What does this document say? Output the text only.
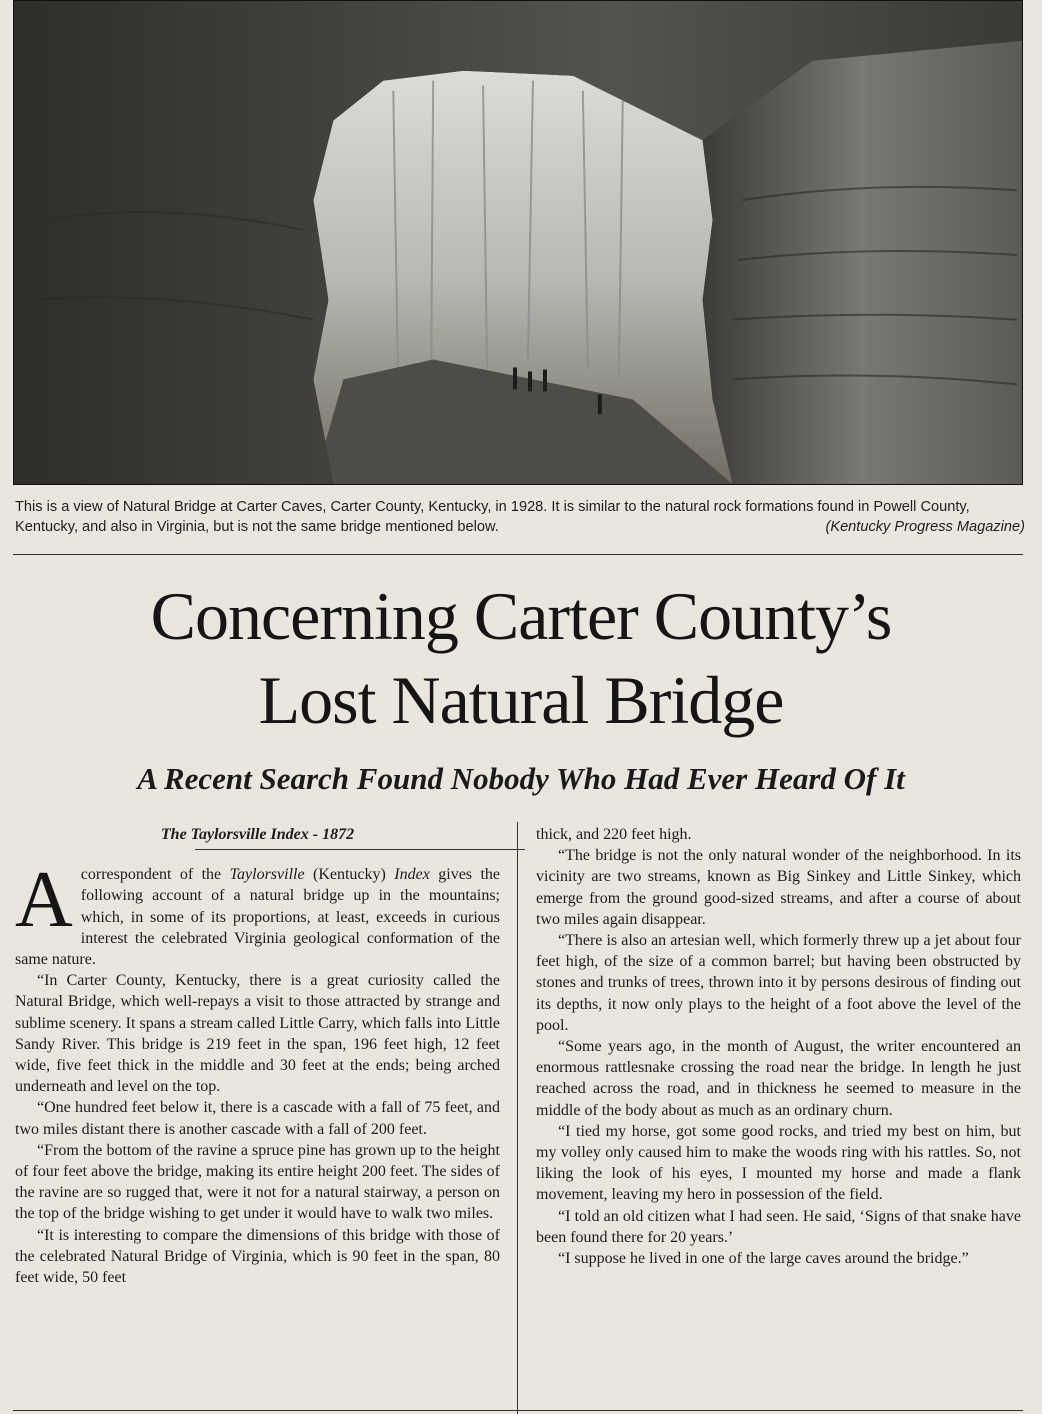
This is a view of Natural Bridge at Carter Caves, Carter County, Kentucky, in 1928. It is similar to the natural rock formations found in Powell County, Kentucky, and also in Virginia, but is not the same bridge mentioned below.	(Kentucky Progress Magazine)
Concerning Carter County’s
Lost Natural Bridge
A Recent Search Found Nobody Who Had Ever Heard Of It
The Taylorsville Index - 1872

Acorrespondent of the Taylorsville (Kentucky) Index gives the following account of a natural bridge up in the mountains; which, in some of its proportions, at least, exceeds in curious interest the celebrated Virginia geological conformation of the same nature.

“In Carter County, Kentucky, there is a great curiosity called the Natural Bridge, which well-repays a visit to those attracted by strange and sublime scenery. It spans a stream called Little Carry, which falls into Little Sandy River. This bridge is 219 feet in the span, 196 feet high, 12 feet wide, five feet thick in the middle and 30 feet at the ends; being arched underneath and level on the top.

“One hundred feet below it, there is a cascade with a fall of 75 feet, and two miles distant there is another cascade with a fall of 200 feet.

“From the bottom of the ravine a spruce pine has grown up to the height of four feet above the bridge, making its entire height 200 feet. The sides of the ravine are so rugged that, were it not for a natural stairway, a person on the top of the bridge wishing to get under it would have to walk two miles.

“It is interesting to compare the dimensions of this bridge with those of the celebrated Natural Bridge of Virginia, which is 90 feet in the span, 80 feet wide, 50 feet

thick, and 220 feet high.

“The bridge is not the only natural wonder of the neighborhood. In its vicinity are two streams, known as Big Sinkey and Little Sinkey, which emerge from the ground good-sized streams, and after a course of about two miles again disappear.

“There is also an artesian well, which formerly threw up a jet about four feet high, of the size of a common barrel; but having been obstructed by stones and trunks of trees, thrown into it by persons desirous of finding out its depths, it now only plays to the height of a foot above the level of the pool.

“Some years ago, in the month of August, the writer encountered an enormous rattlesnake crossing the road near the bridge. In length he just reached across the road, and in thickness he seemed to measure in the middle of the body about as much as an ordinary churn.

“I tied my horse, got some good rocks, and tried my best on him, but my volley only caused him to make the woods ring with his rattles. So, not liking the look of his eyes, I mounted my horse and made a flank movement, leaving my hero in possession of the field.

“I told an old citizen what I had seen. He said, ‘Signs of that snake have been found there for 20 years.’

“I suppose he lived in one of the large caves around the bridge.”
